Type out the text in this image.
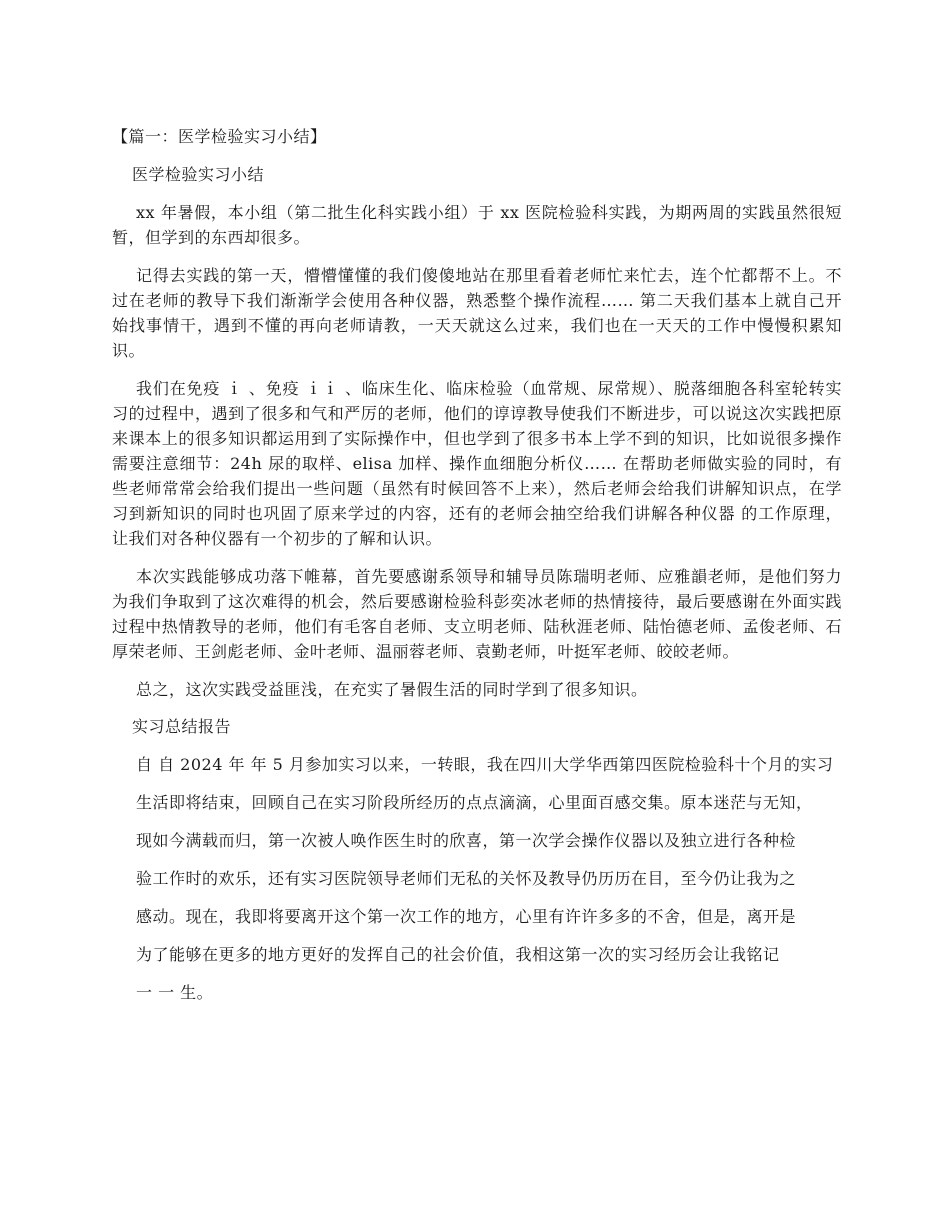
【篇一：医学检验实习小结】
医学检验实习小结
xx 年暑假，本小组（第二批生化科实践小组）于 xx 医院检验科实践，为期两周的实践虽然很短暂，但学到的东西却很多。
记得去实践的第一天，懵懵懂懂的我们傻傻地站在那里看着老师忙来忙去，连个忙都帮不上。不过在老师的教导下我们渐渐学会使用各种仪器，熟悉整个操作流程…… 第二天我们基本上就自己开始找事情干，遇到不懂的再向老师请教，一天天就这么过来，我们也在一天天的工作中慢慢积累知识。
我们在免疫 ｉ 、免疫 ｉｉ 、临床生化、临床检验（血常规、尿常规）、脱落细胞各科室轮转实习的过程中，遇到了很多和气和严厉的老师，他们的谆谆教导使我们不断进步，可以说这次实践把原来课本上的很多知识都运用到了实际操作中，但也学到了很多书本上学不到的知识，比如说很多操作需要注意细节：24h 尿的取样、elisa 加样、操作血细胞分析仪…… 在帮助老师做实验的同时，有些老师常常会给我们提出一些问题（虽然有时候回答不上来），然后老师会给我们讲解知识点，在学习到新知识的同时也巩固了原来学过的内容，还有的老师会抽空给我们讲解各种仪器 的工作原理，让我们对各种仪器有一个初步的了解和认识。
本次实践能够成功落下帷幕，首先要感谢系领导和辅导员陈瑞明老师、应雅韻老师，是他们努力为我们争取到了这次难得的机会，然后要感谢检验科彭奕冰老师的热情接待，最后要感谢在外面实践过程中热情教导的老师，他们有毛客自老师、支立明老师、陆秋涯老师、陆怡德老师、孟俊老师、石厚荣老师、王剑彪老师、金叶老师、温丽蓉老师、袁勤老师，叶挺军老师、皎皎老师。
总之，这次实践受益匪浅，在充实了暑假生活的同时学到了很多知识。
实习总结报告
自 自 2024 年 年 5 月参加实习以来，一转眼，我在四川大学华西第四医院检验科十个月的实习
生活即将结束，回顾自己在实习阶段所经历的点点滴滴，心里面百感交集。原本迷茫与无知，
现如今满载而归，第一次被人唤作医生时的欣喜，第一次学会操作仪器以及独立进行各种检
验工作时的欢乐，还有实习医院领导老师们无私的关怀及教导仍历历在目，至今仍让我为之
感动。现在，我即将要离开这个第一次工作的地方，心里有许许多多的不舍，但是，离开是
为了能够在更多的地方更好的发挥自己的社会价值，我相这第一次的实习经历会让我铭记
一 一 生。
